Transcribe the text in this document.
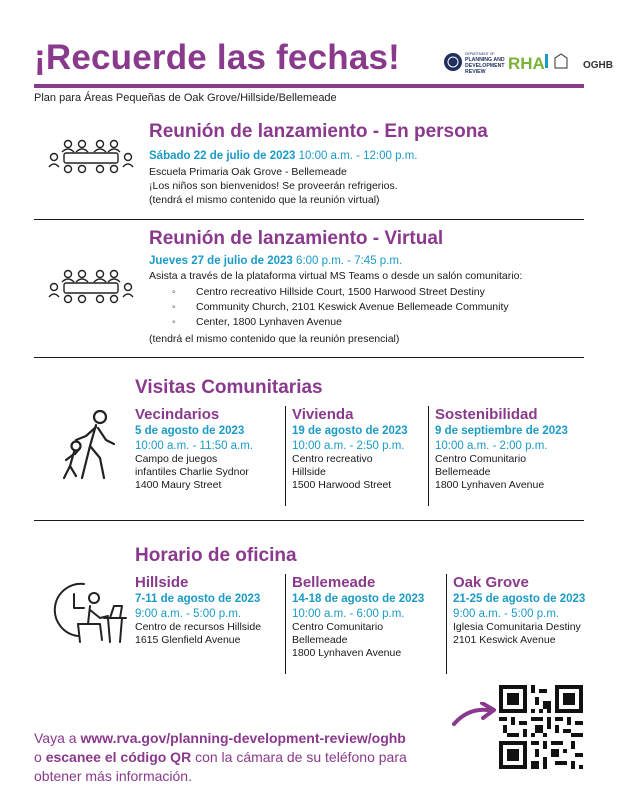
¡Recuerde las fechas!	DEPARTMENT OF
PLANNING AND
DEVELOPMENT
REVIEW RHA	OGHB
Plan para Áreas Pequeñas de Oak Grove/Hillside/Bellemeade
Reunión de lanzamiento - En persona
Sábado 22 de julio de 2023 10:00 a.m. - 12:00 p.m.
Escuela Primaria Oak Grove - Bellemeade
¡Los niños son bienvenidos! Se proveerán refrigerios.
(tendrá el mismo contenido que la reunión virtual)
Reunión de lanzamiento - Virtual
Jueves 27 de julio de 2023 6:00 p.m. - 7:45 p.m.
Asista a través de la plataforma virtual MS Teams o desde un salón comunitario:
◦ Centro recreativo Hillside Court, 1500 Harwood Street Destiny
◦ Community Church, 2101 Keswick Avenue Bellemeade Community
◦ Center, 1800 Lynhaven Avenue
(tendrá el mismo contenido que la reunión presencial)
Visitas Comunitarias
Vecindarios
5 de agosto de 2023
10:00 a.m. - 11:50 a.m.
Campo de juegos
infantiles Charlie Sydnor
1400 Maury Street
Vivienda
19 de agosto de 2023
10:00 a.m. - 2:50 p.m.
Centro recreativo
Hillside
1500 Harwood Street
Sostenibilidad
9 de septiembre de 2023
10:00 a.m. - 2:00 p.m.
Centro Comunitario
Bellemeade
1800 Lynhaven Avenue
Horario de oficina
Hillside
7-11 de agosto de 2023
9:00 a.m. - 5:00 p.m.
Centro de recursos Hillside
1615 Glenfield Avenue
Bellemeade
14-18 de agosto de 2023
10:00 a.m. - 6:00 p.m.
Centro Comunitario
Bellemeade
1800 Lynhaven Avenue
Oak Grove
21-25 de agosto de 2023
9:00 a.m. - 5:00 p.m.
Iglesia Comunitaria Destiny
2101 Keswick Avenue
Vaya a www.rva.gov/planning-development-review/oghb
o escanee el código QR con la cámara de su teléfono para
obtener más información.
